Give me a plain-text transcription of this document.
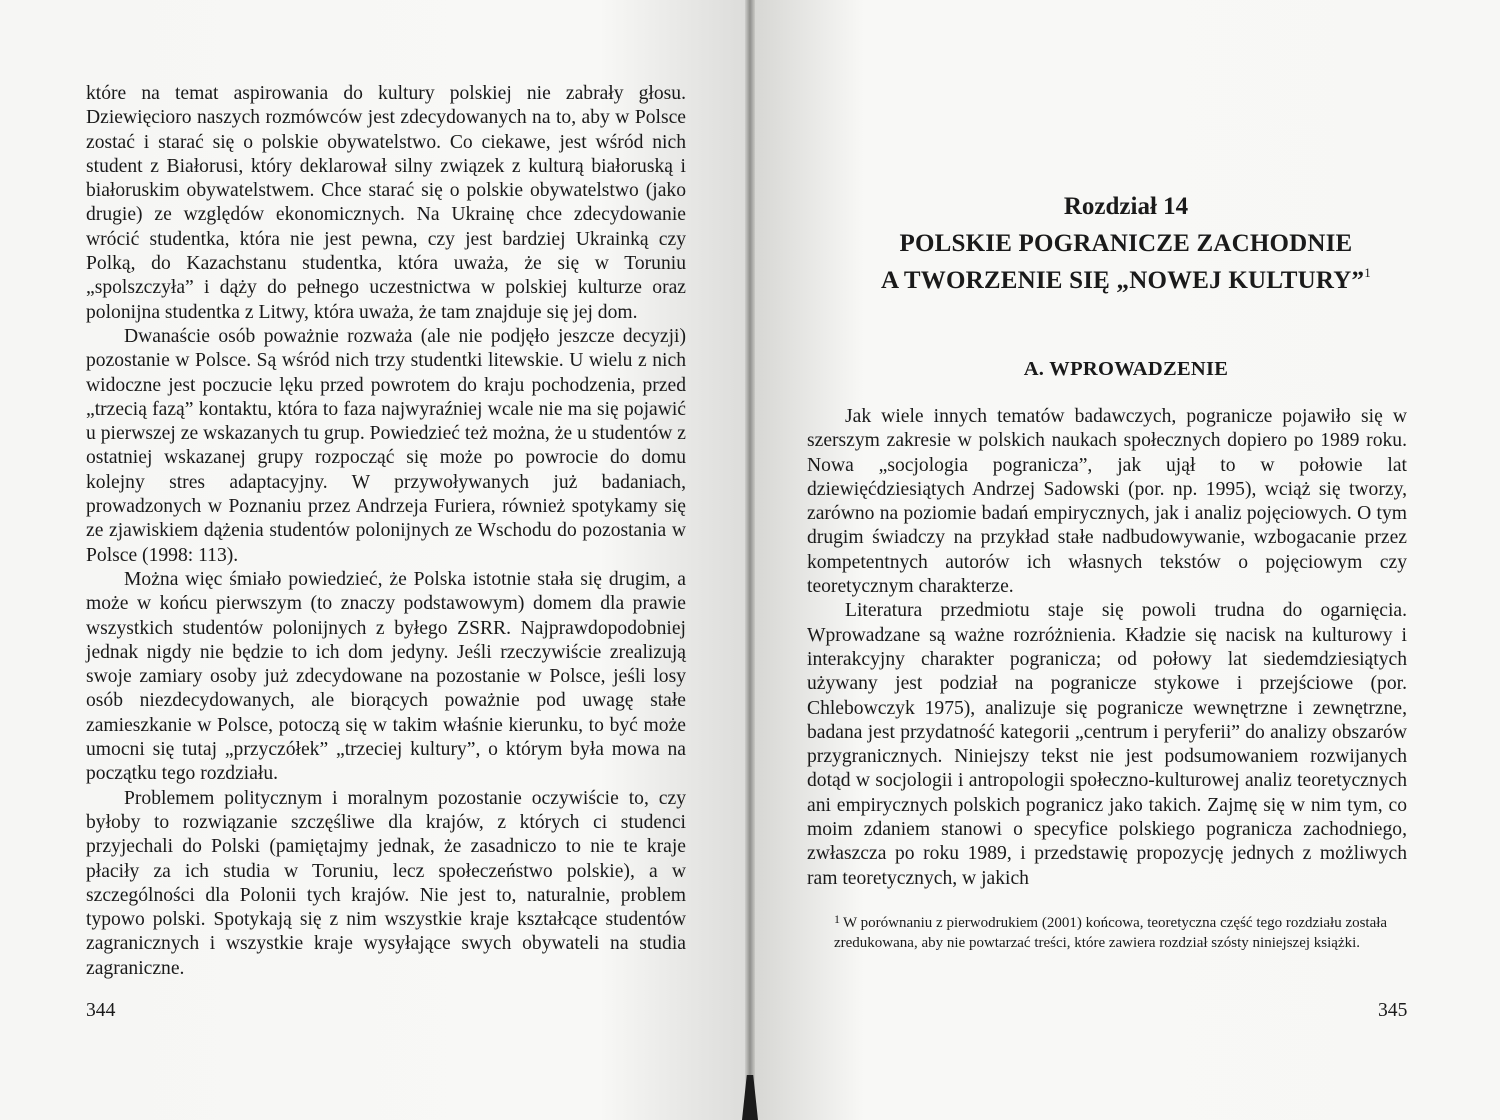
które na temat aspirowania do kultury polskiej nie zabrały głosu. Dziewięcioro naszych rozmówców jest zdecydowanych na to, aby w Polsce zostać i starać się o polskie obywatelstwo. Co ciekawe, jest wśród nich student z Białorusi, który deklarował silny związek z kulturą białoruską i białoruskim obywatelstwem. Chce starać się o polskie obywatelstwo (jako drugie) ze względów ekonomicznych. Na Ukrainę chce zdecydowanie wrócić studentka, która nie jest pewna, czy jest bardziej Ukrainką czy Polką, do Kazachstanu studentka, która uważa, że się w Toruniu „spolszczyła” i dąży do pełnego uczestnictwa w polskiej kulturze oraz polonijna studentka z Litwy, która uważa, że tam znajduje się jej dom.

Dwanaście osób poważnie rozważa (ale nie podjęło jeszcze decyzji) pozostanie w Polsce. Są wśród nich trzy studentki litewskie. U wielu z nich widoczne jest poczucie lęku przed powrotem do kraju pochodzenia, przed „trzecią fazą” kontaktu, która to faza najwyraźniej wcale nie ma się pojawić u pierwszej ze wskazanych tu grup. Powiedzieć też można, że u studentów z ostatniej wskazanej grupy rozpocząć się może po powrocie do domu kolejny stres adaptacyjny. W przywoływanych już badaniach, prowadzonych w Poznaniu przez Andrzeja Furiera, również spotykamy się ze zjawiskiem dążenia studentów polonijnych ze Wschodu do pozostania w Polsce (1998: 113).

Można więc śmiało powiedzieć, że Polska istotnie stała się drugim, a może w końcu pierwszym (to znaczy podstawowym) domem dla prawie wszystkich studentów polonijnych z byłego ZSRR. Najprawdopodobniej jednak nigdy nie będzie to ich dom jedyny. Jeśli rzeczywiście zrealizują swoje zamiary osoby już zdecydowane na pozostanie w Polsce, jeśli losy osób niezdecydowanych, ale biorących poważnie pod uwagę stałe zamieszkanie w Polsce, potoczą się w takim właśnie kierunku, to być może umocni się tutaj „przyczółek” „trzeciej kultury”, o którym była mowa na początku tego rozdziału.

Problemem politycznym i moralnym pozostanie oczywiście to, czy byłoby to rozwiązanie szczęśliwe dla krajów, z których ci studenci przyjechali do Polski (pamiętajmy jednak, że zasadniczo to nie te kraje płaciły za ich studia w Toruniu, lecz społeczeństwo polskie), a w szczególności dla Polonii tych krajów. Nie jest to, naturalnie, problem typowo polski. Spotykają się z nim wszystkie kraje kształcące studentów zagranicznych i wszystkie kraje wysyłające swych obywateli na studia zagraniczne.

344
Rozdział 14
POLSKIE POGRANICZE ZACHODNIE
A TWORZENIE SIĘ „NOWEJ KULTURY”$^1$
A. WPROWADZENIE

Jak wiele innych tematów badawczych, pogranicze pojawiło się w szerszym zakresie w polskich naukach społecznych dopiero po 1989 roku. Nowa „socjologia pogranicza”, jak ujął to w połowie lat dziewięćdziesiątych Andrzej Sadowski (por. np. 1995), wciąż się tworzy, zarówno na poziomie badań empirycznych, jak i analiz pojęciowych. O tym drugim świadczy na przykład stałe nadbudowywanie, wzbogacanie przez kompetentnych autorów ich własnych tekstów o pojęciowym czy teoretycznym charakterze.

Literatura przedmiotu staje się powoli trudna do ogarnięcia. Wprowadzane są ważne rozróżnienia. Kładzie się nacisk na kulturowy i interakcyjny charakter pogranicza; od połowy lat siedemdziesiątych używany jest podział na pogranicze stykowe i przejściowe (por. Chlebowczyk 1975), analizuje się pogranicze wewnętrzne i zewnętrzne, badana jest przydatność kategorii „centrum i peryferii” do analizy obszarów przygranicznych. Niniejszy tekst nie jest podsumowaniem rozwijanych dotąd w socjologii i antropologii społeczno-kulturowej analiz teoretycznych ani empirycznych polskich pogranicz jako takich. Zajmę się w nim tym, co moim zdaniem stanowi o specyfice polskiego pogranicza zachodniego, zwłaszcza po roku 1989, i przedstawię propozycję jednych z możliwych ram teoretycznych, w jakich

$^1$ W porównaniu z pierwodrukiem (2001) końcowa, teoretyczna część tego rozdziału została zredukowana, aby nie powtarzać treści, które zawiera rozdział szósty niniejszej książki.
345
